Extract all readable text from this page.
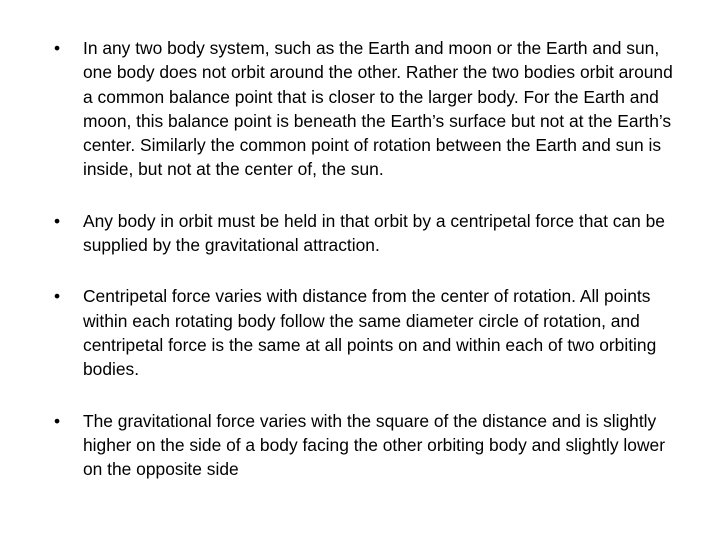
• In any two body system, such as the Earth and moon or the Earth and sun, one body does not orbit around the other. Rather the two bodies orbit around a common balance point that is closer to the larger body. For the Earth and moon, this balance point is beneath the Earth’s surface but not at the Earth’s center. Similarly the common point of rotation between the Earth and sun is inside, but not at the center of, the sun.
• Any body in orbit must be held in that orbit by a centripetal force that can be supplied by the gravitational attraction.
• Centripetal force varies with distance from the center of rotation. All points within each rotating body follow the same diameter circle of rotation, and centripetal force is the same at all points on and within each of two orbiting bodies.
• The gravitational force varies with the square of the distance and is slightly higher on the side of a body facing the other orbiting body and slightly lower on the opposite side
